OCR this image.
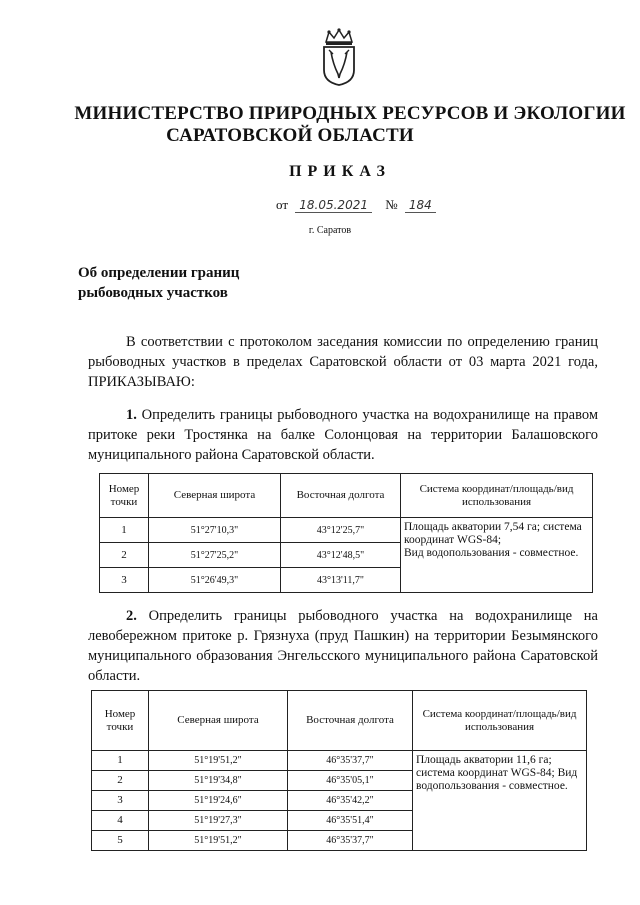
МИНИСТЕРСТВО ПРИРОДНЫХ РЕСУРСОВ И ЭКОЛОГИИ
САРАТОВСКОЙ ОБЛАСТИ
ПРИКАЗ
от 18.05.2021 № 184
г. Саратов
Об определении границ
рыбоводных участков
В соответствии с протоколом заседания комиссии по определению границ рыбоводных участков в пределах Саратовской области от 03 марта 2021 года, ПРИКАЗЫВАЮ:
1. Определить границы рыбоводного участка на водохранилище на правом притоке реки Тростянка на балке Солонцовая на территории Балашовского муниципального района Саратовской области.
Номер точки	Северная широта	Восточная долгота	Система координат/площадь/вид использования
1	51°27'10,3"	43°12'25,7"	Площадь акватории 7,54 га; система координат WGS-84;
Вид водопользования - совместное.

2	51°27'25,2"	43°12'48,5"	
3	51°26'49,3"	43°13'11,7"	
2. Определить границы рыбоводного участка на водохранилище на левобережном притоке р. Грязнуха (пруд Пашкин) на территории Безымянского муниципального образования Энгельсского муниципального района Саратовской области.
Номер точки	Северная широта	Восточная долгота	Система координат/площадь/вид использования
1	51°19'51,2"	46°35'37,7"	Площадь акватории 11,6 га; система координат WGS-84; Вид водопользования - совместное.
2	51°19'34,8"	46°35'05,1"	
3	51°19'24,6"	46°35'42,2"	
4	51°19'27,3"	46°35'51,4"	
5	51°19'51,2"	46°35'37,7"	
